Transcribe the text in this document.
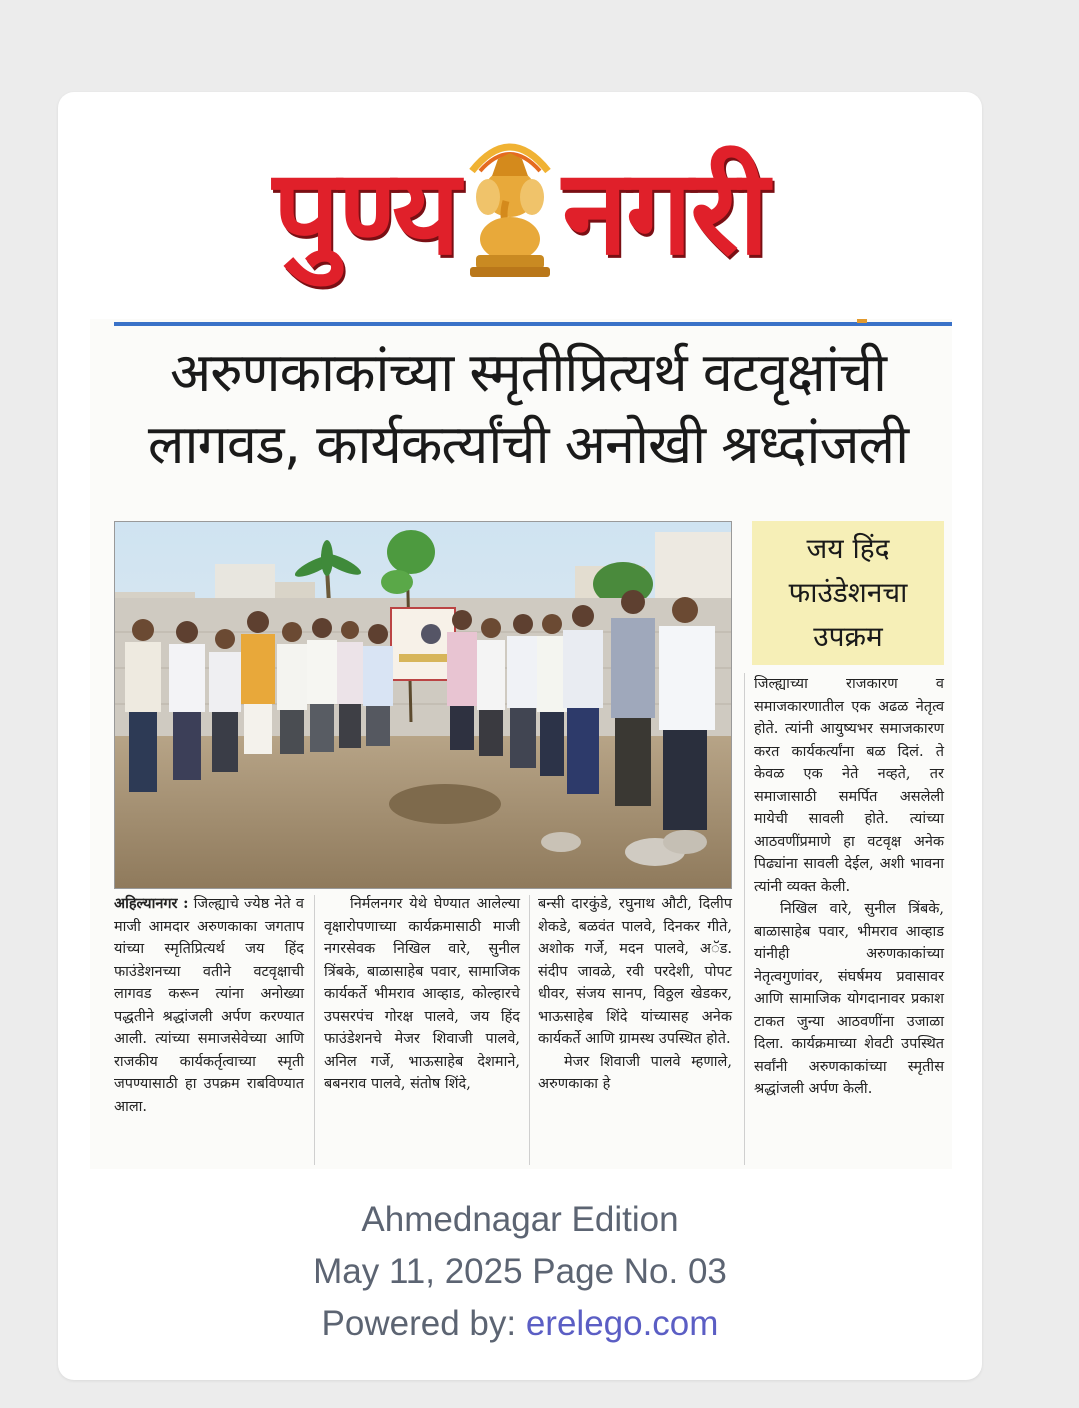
पुण्य नगरी
अरुणकाकांच्या स्मृतीप्रित्यर्थ वटवृक्षांची
लागवड, कार्यकर्त्यांची अनोखी श्रध्दांजली
जय हिंद
फाउंडेशनचा
उपक्रम
अहिल्यानगर : जिल्ह्याचे ज्येष्ठ नेते व माजी आमदार अरुणकाका जगताप यांच्या स्मृतिप्रित्यर्थ जय हिंद फाउंडेशनच्या वतीने वटवृक्षाची लागवड करून त्यांना अनोख्या पद्धतीने श्रद्धांजली अर्पण करण्यात आली. त्यांच्या समाजसेवेच्या आणि राजकीय कार्यकर्तृत्वाच्या स्मृती जपण्यासाठी हा उपक्रम राबविण्यात आला.
निर्मलनगर येथे घेण्यात आलेल्या वृक्षारोपणाच्या कार्यक्रमासाठी माजी नगरसेवक निखिल वारे, सुनील त्रिंबके, बाळासाहेब पवार, सामाजिक कार्यकर्ते भीमराव आव्हाड, कोल्हारचे उपसरपंच गोरक्ष पालवे, जय हिंद फाउंडेशनचे मेजर शिवाजी पालवे, अनिल गर्जे, भाऊसाहेब देशमाने, बबनराव पालवे, संतोष शिंदे,
बन्सी दारकुंडे, रघुनाथ औटी, दिलीप शेकडे, बळवंत पालवे, दिनकर गीते, अशोक गर्जे, मदन पालवे, अॅड. संदीप जावळे, रवी परदेशी, पोपट धीवर, संजय सानप, विठ्ठल खेडकर, भाऊसाहेब शिंदे यांच्यासह अनेक कार्यकर्ते आणि ग्रामस्थ उपस्थित होते.
मेजर शिवाजी पालवे म्हणाले, अरुणकाका हे
जिल्ह्याच्या राजकारण व समाजकारणातील एक अढळ नेतृत्व होते. त्यांनी आयुष्यभर समाजकारण करत कार्यकर्त्यांना बळ दिलं. ते केवळ एक नेते नव्हते, तर समाजासाठी समर्पित असलेली मायेची सावली होते. त्यांच्या आठवणींप्रमाणे हा वटवृक्ष अनेक पिढ्यांना सावली देईल, अशी भावना त्यांनी व्यक्त केली.
निखिल वारे, सुनील त्रिंबके, बाळासाहेब पवार, भीमराव आव्हाड यांनीही अरुणकाकांच्या नेतृत्वगुणांवर, संघर्षमय प्रवासावर आणि सामाजिक योगदानावर प्रकाश टाकत जुन्या आठवणींना उजाळा दिला. कार्यक्रमाच्या शेवटी उपस्थित सर्वांनी अरुणकाकांच्या स्मृतीस श्रद्धांजली अर्पण केली.
Ahmednagar Edition
May 11, 2025 Page No. 03
Powered by: erelego.com
